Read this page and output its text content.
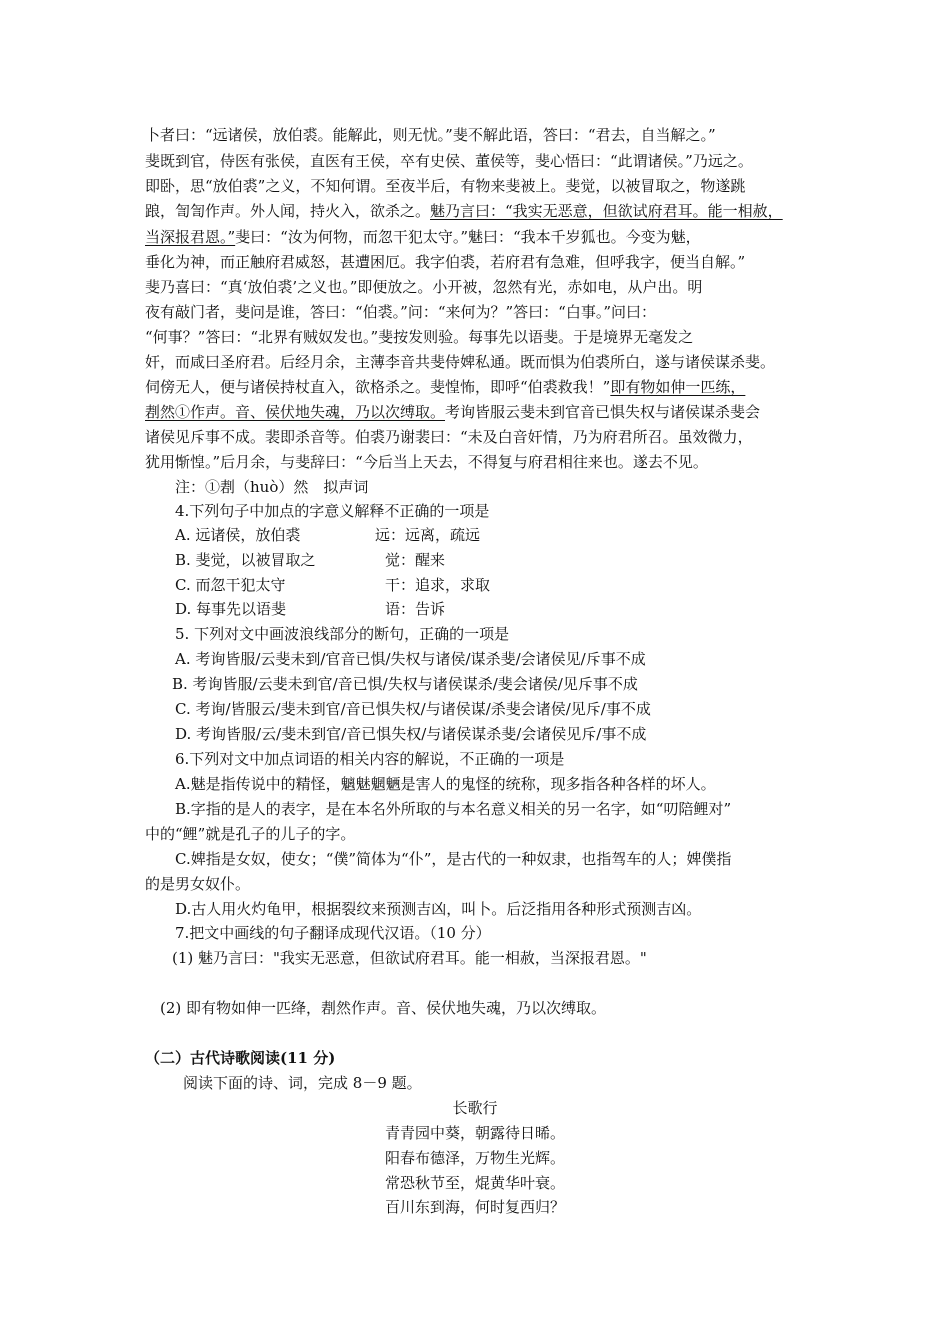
卜者曰：“远诸侯，放伯裘。能解此，则无忧。”斐不解此语，答曰：“君去，自当解之。”
斐既到官，侍医有张侯，直医有王侯，卒有史侯、董侯等，斐心悟曰：“此谓诸侯。”乃远之。
即卧，思“放伯裘”之义，不知何谓。至夜半后，有物来斐被上。斐觉，以被冒取之，物遂跳
踉，訇訇作声。外人闻，持火入，欲杀之。魅乃言曰：“我实无恶意，但欲试府君耳。能一相赦，
当深报君恩。”斐曰：“汝为何物，而忽干犯太守。”魅曰：“我本千岁狐也。今变为魅，
垂化为神，而正触府君威怒，甚遭困厄。我字伯裘，若府君有急难，但呼我字，便当自解。”
斐乃喜曰：“真‘放伯裘’之义也。”即便放之。小开被，忽然有光，赤如电，从户出。明
夜有敲门者，斐问是谁，答曰：“伯裘。”问：“来何为？”答曰：“白事。”问曰：
“何事？”答曰：“北界有贼奴发也。”斐按发则验。每事先以语斐。于是境界无毫发之
奸，而咸曰圣府君。后经月余，主薄李音共斐侍婢私通。既而惧为伯裘所白，遂与诸侯谋杀斐。
伺傍无人，便与诸侯持杖直入，欲格杀之。斐惶怖，即呼“伯裘救我！”即有物如伸一匹练，
剨然①作声。音、侯伏地失魂，乃以次缚取。考询皆服云斐未到官音已惧失权与诸侯谋杀斐会
诸侯见斥事不成。裴即杀音等。伯裘乃谢裴曰：“未及白音奸情，乃为府君所召。虽效微力，
犹用惭惶。”后月余，与斐辞曰：“今后当上天去，不得复与府君相往来也。遂去不见。
注：①剨（huò）然　拟声词
4.下列句子中加点的字意义解释不正确的一项是
A. 远诸侯，放伯裘	远：远离，疏远
B. 斐觉，以被冒取之	觉：醒来
C. 而忽干犯太守	干：追求，求取
D. 每事先以语斐	语：告诉
5. 下列对文中画波浪线部分的断句，正确的一项是
A. 考询皆服/云斐未到/官音已惧/失权与诸侯/谋杀斐/会诸侯见/斥事不成
B. 考询皆服/云斐未到官/音已惧/失权与诸侯谋杀/斐会诸侯/见斥事不成
C. 考询/皆服云/斐未到官/音已惧失权/与诸侯谋/杀斐会诸侯/见斥/事不成
D. 考询皆服/云/斐未到官/音已惧失权/与诸侯谋杀斐/会诸侯见斥/事不成
6.下列对文中加点词语的相关内容的解说，不正确的一项是
A.魅是指传说中的精怪，魑魅魍魉是害人的鬼怪的统称，现多指各种各样的坏人。
B.字指的是人的表字，是在本名外所取的与本名意义相关的另一名字，如“叨陪鲤对”
中的“鲤”就是孔子的儿子的字。
C.婢指是女奴，使女；“僕”简体为“仆”，是古代的一种奴隶，也指驾车的人；婢僕指
的是男女奴仆。
D.古人用火灼龟甲，根据裂纹来预测吉凶，叫卜。后泛指用各种形式预测吉凶。
7.把文中画线的句子翻译成现代汉语。（10 分）
(1) 魅乃言曰："我实无恶意，但欲试府君耳。能一相赦，当深报君恩。"
(2) 即有物如伸一匹绛，剨然作声。音、侯伏地失魂，乃以次缚取。
（二）古代诗歌阅读(11 分)
阅读下面的诗、词，完成 8－9 题。
长歌行
青青园中葵，朝露待日晞。
阳春布德泽，万物生光辉。
常恐秋节至，焜黄华叶衰。
百川东到海，何时复西归？
